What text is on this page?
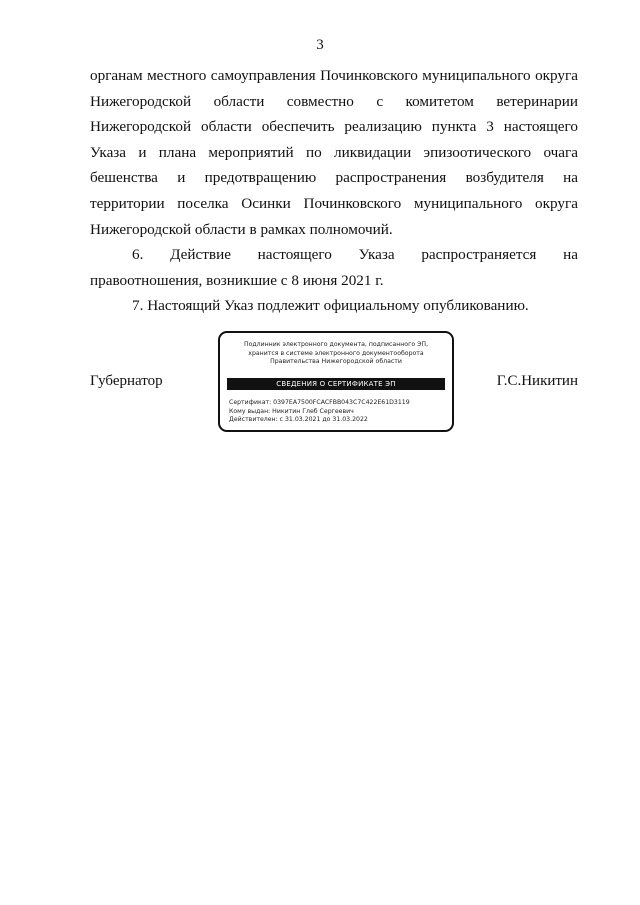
3

органам местного самоуправления Починковского муниципального округа Нижегородской области совместно с комитетом ветеринарии Нижегородской области обеспечить реализацию пункта 3 настоящего Указа и плана мероприятий по ликвидации эпизоотического очага бешенства и предотвращению распространения возбудителя на территории поселка Осинки Починковского муниципального округа Нижегородской области в рамках полномочий.

6. Действие настоящего Указа распространяется на правоотношения, возникшие с 8 июня 2021 г.

7. Настоящий Указ подлежит официальному опубликованию.

Губернатор
Подлинник электронного документа, подписанного ЭП,
хранится в системе электронного документооборота
Правительства Нижегородской области
СВЕДЕНИЯ О СЕРТИФИКАТЕ ЭП
Сертификат: 0397EA7500FCACFBB043C7C422E61D3119
Кому выдан: Никитин Глеб Сергеевич
Действителен: с 31.03.2021 до 31.03.2022
Г.С.Никитин
